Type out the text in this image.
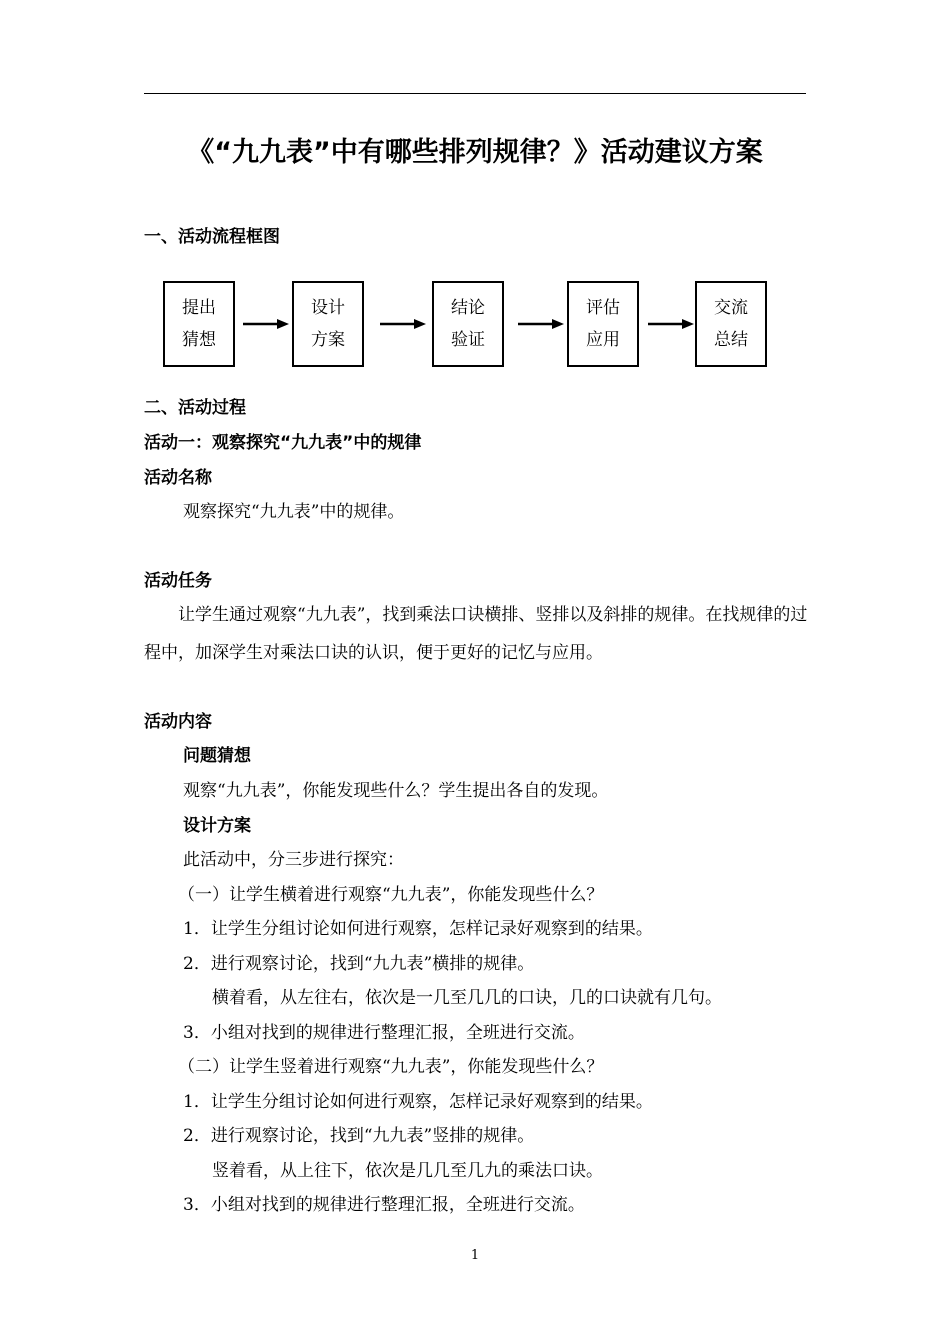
《“九九表”中有哪些排列规律？》活动建议方案
一、活动流程框图
提出
猜想
设计
方案
结论
验证
评估
应用
交流
总结
二、活动过程
活动一：观察探究“九九表”中的规律
活动名称
观察探究“九九表”中的规律。
活动任务
让学生通过观察“九九表”，找到乘法口诀横排、竖排以及斜排的规律。在找规律的过程中，加深学生对乘法口诀的认识，便于更好的记忆与应用。
活动内容
问题猜想
观察“九九表”，你能发现些什么？学生提出各自的发现。
设计方案
此活动中，分三步进行探究：
（一）让学生横着进行观察“九九表”，你能发现些什么？
1．让学生分组讨论如何进行观察，怎样记录好观察到的结果。
2．进行观察讨论，找到“九九表”横排的规律。
横着看，从左往右，依次是一几至几几的口诀，几的口诀就有几句。
3．小组对找到的规律进行整理汇报，全班进行交流。
（二）让学生竖着进行观察“九九表”，你能发现些什么？
1．让学生分组讨论如何进行观察，怎样记录好观察到的结果。
2．进行观察讨论，找到“九九表”竖排的规律。
竖着看，从上往下，依次是几几至几九的乘法口诀。
3．小组对找到的规律进行整理汇报，全班进行交流。
1
